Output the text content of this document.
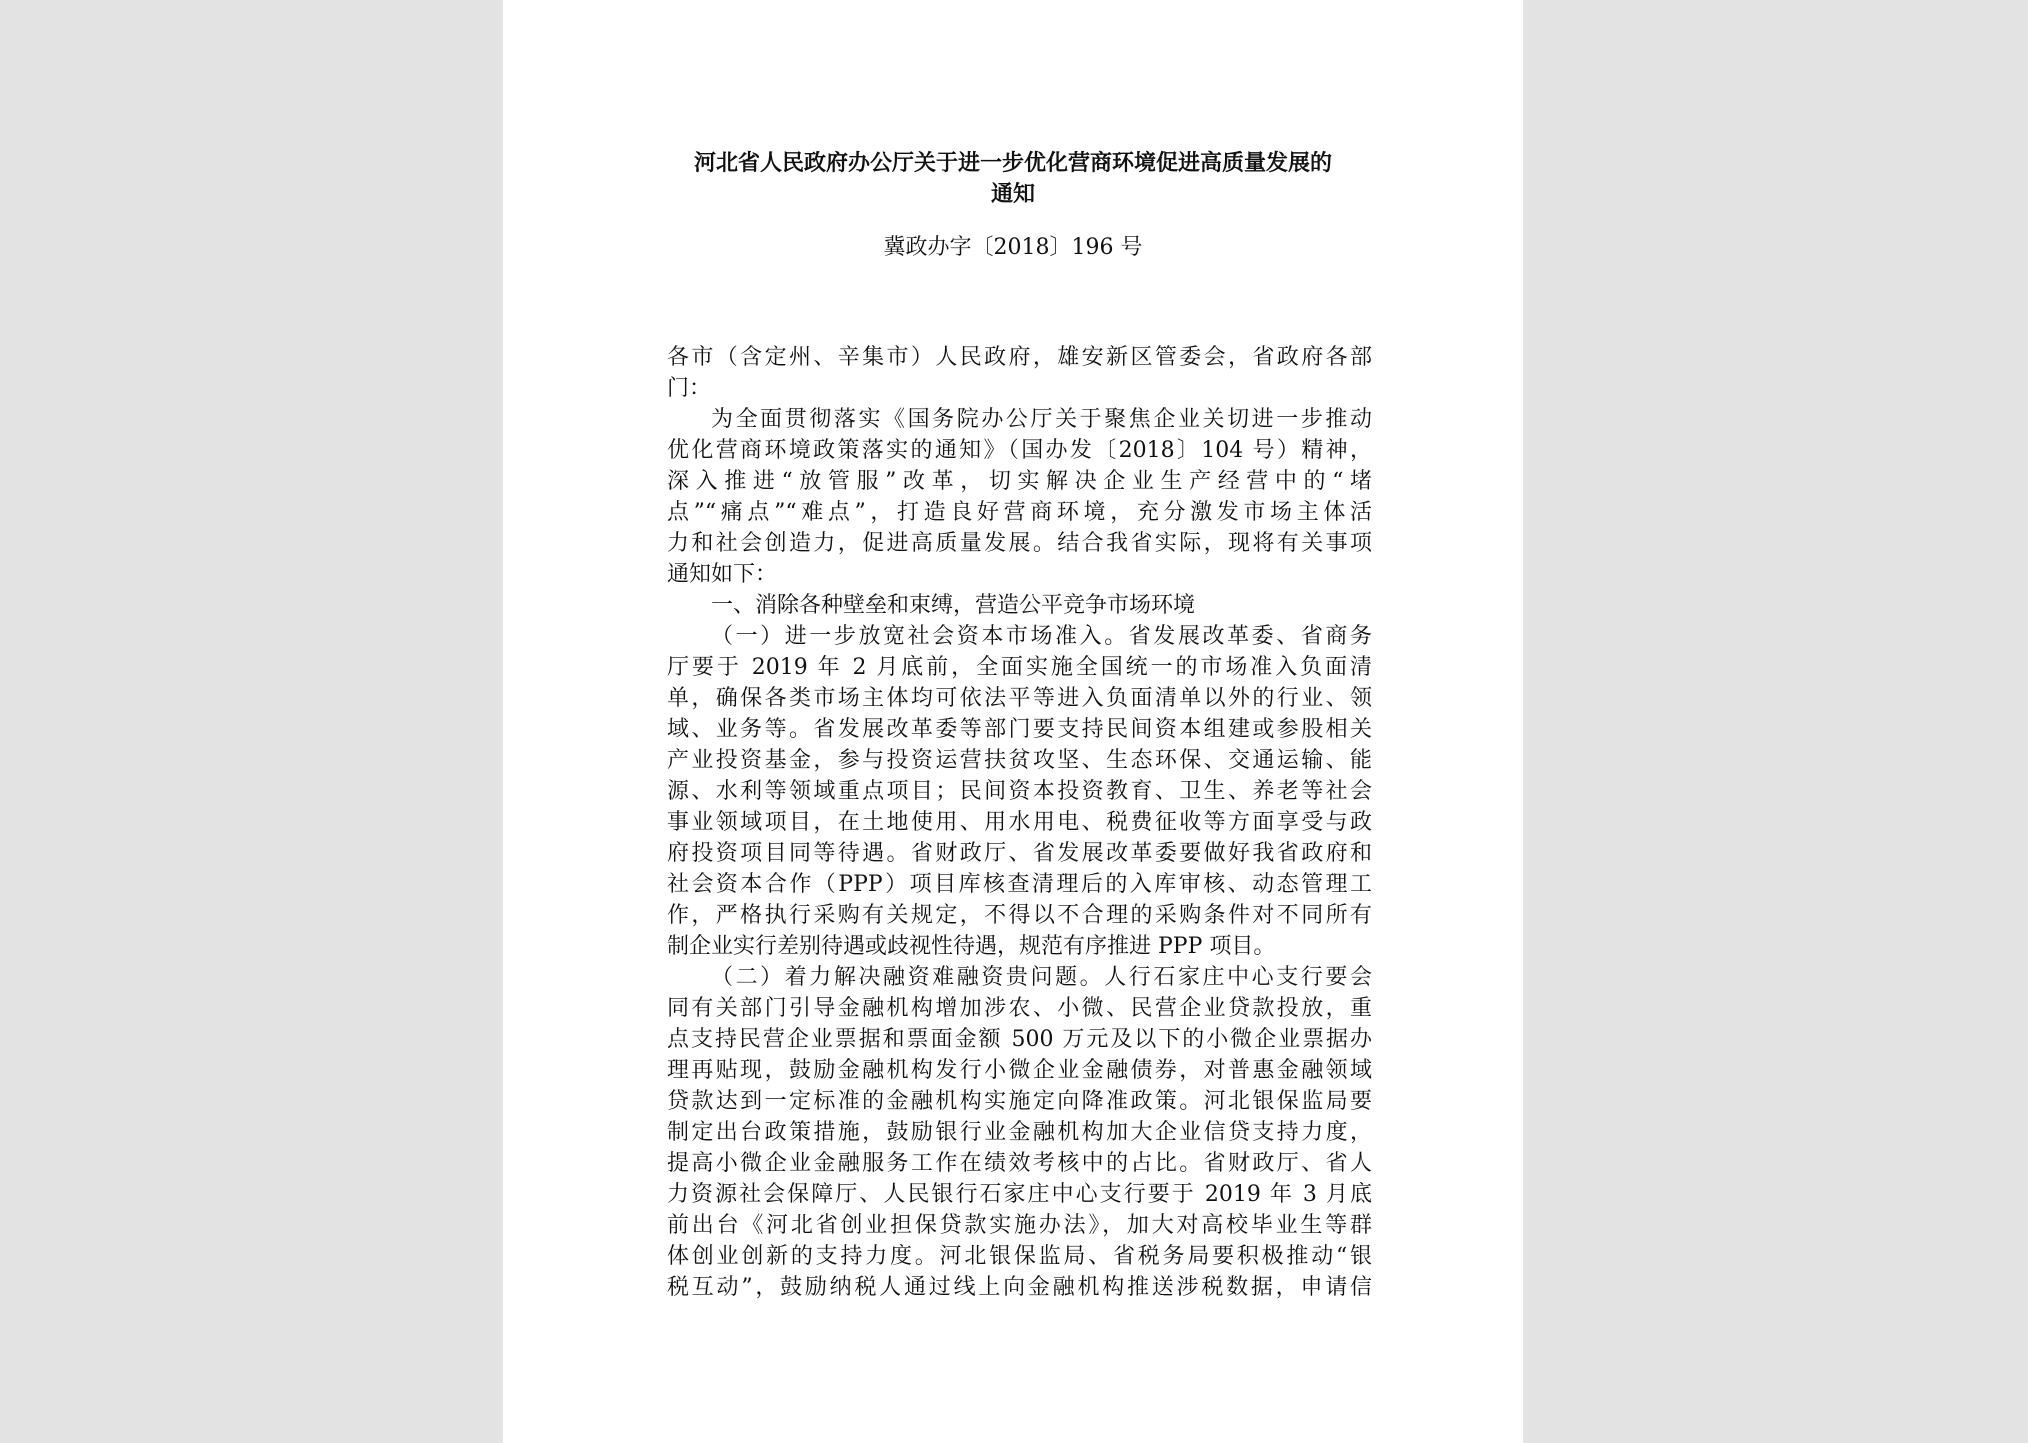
河北省人民政府办公厅关于进一步优化营商环境促进高质量发展的
通知
冀政办字〔2018〕196 号
各市（含定州、辛集市）人民政府，雄安新区管委会，省政府各部
门：
为全面贯彻落实《国务院办公厅关于聚焦企业关切进一步推动
优化营商环境政策落实的通知》（国办发〔2018〕104 号）精神，
深入推进“放管服”改革，切实解决企业生产经营中的“堵
点”“痛点”“难点”，打造良好营商环境，充分激发市场主体活
力和社会创造力，促进高质量发展。结合我省实际，现将有关事项
通知如下：
一、消除各种壁垒和束缚，营造公平竞争市场环境
（一）进一步放宽社会资本市场准入。省发展改革委、省商务
厅要于 2019 年 2 月底前，全面实施全国统一的市场准入负面清
单，确保各类市场主体均可依法平等进入负面清单以外的行业、领
域、业务等。省发展改革委等部门要支持民间资本组建或参股相关
产业投资基金，参与投资运营扶贫攻坚、生态环保、交通运输、能
源、水利等领域重点项目；民间资本投资教育、卫生、养老等社会
事业领域项目，在土地使用、用水用电、税费征收等方面享受与政
府投资项目同等待遇。省财政厅、省发展改革委要做好我省政府和
社会资本合作（PPP）项目库核查清理后的入库审核、动态管理工
作，严格执行采购有关规定，不得以不合理的采购条件对不同所有
制企业实行差别待遇或歧视性待遇，规范有序推进 PPP 项目。
（二）着力解决融资难融资贵问题。人行石家庄中心支行要会
同有关部门引导金融机构增加涉农、小微、民营企业贷款投放，重
点支持民营企业票据和票面金额 500 万元及以下的小微企业票据办
理再贴现，鼓励金融机构发行小微企业金融债券，对普惠金融领域
贷款达到一定标准的金融机构实施定向降准政策。河北银保监局要
制定出台政策措施，鼓励银行业金融机构加大企业信贷支持力度，
提高小微企业金融服务工作在绩效考核中的占比。省财政厅、省人
力资源社会保障厅、人民银行石家庄中心支行要于 2019 年 3 月底
前出台《河北省创业担保贷款实施办法》，加大对高校毕业生等群
体创业创新的支持力度。河北银保监局、省税务局要积极推动“银
税互动”，鼓励纳税人通过线上向金融机构推送涉税数据，申请信
